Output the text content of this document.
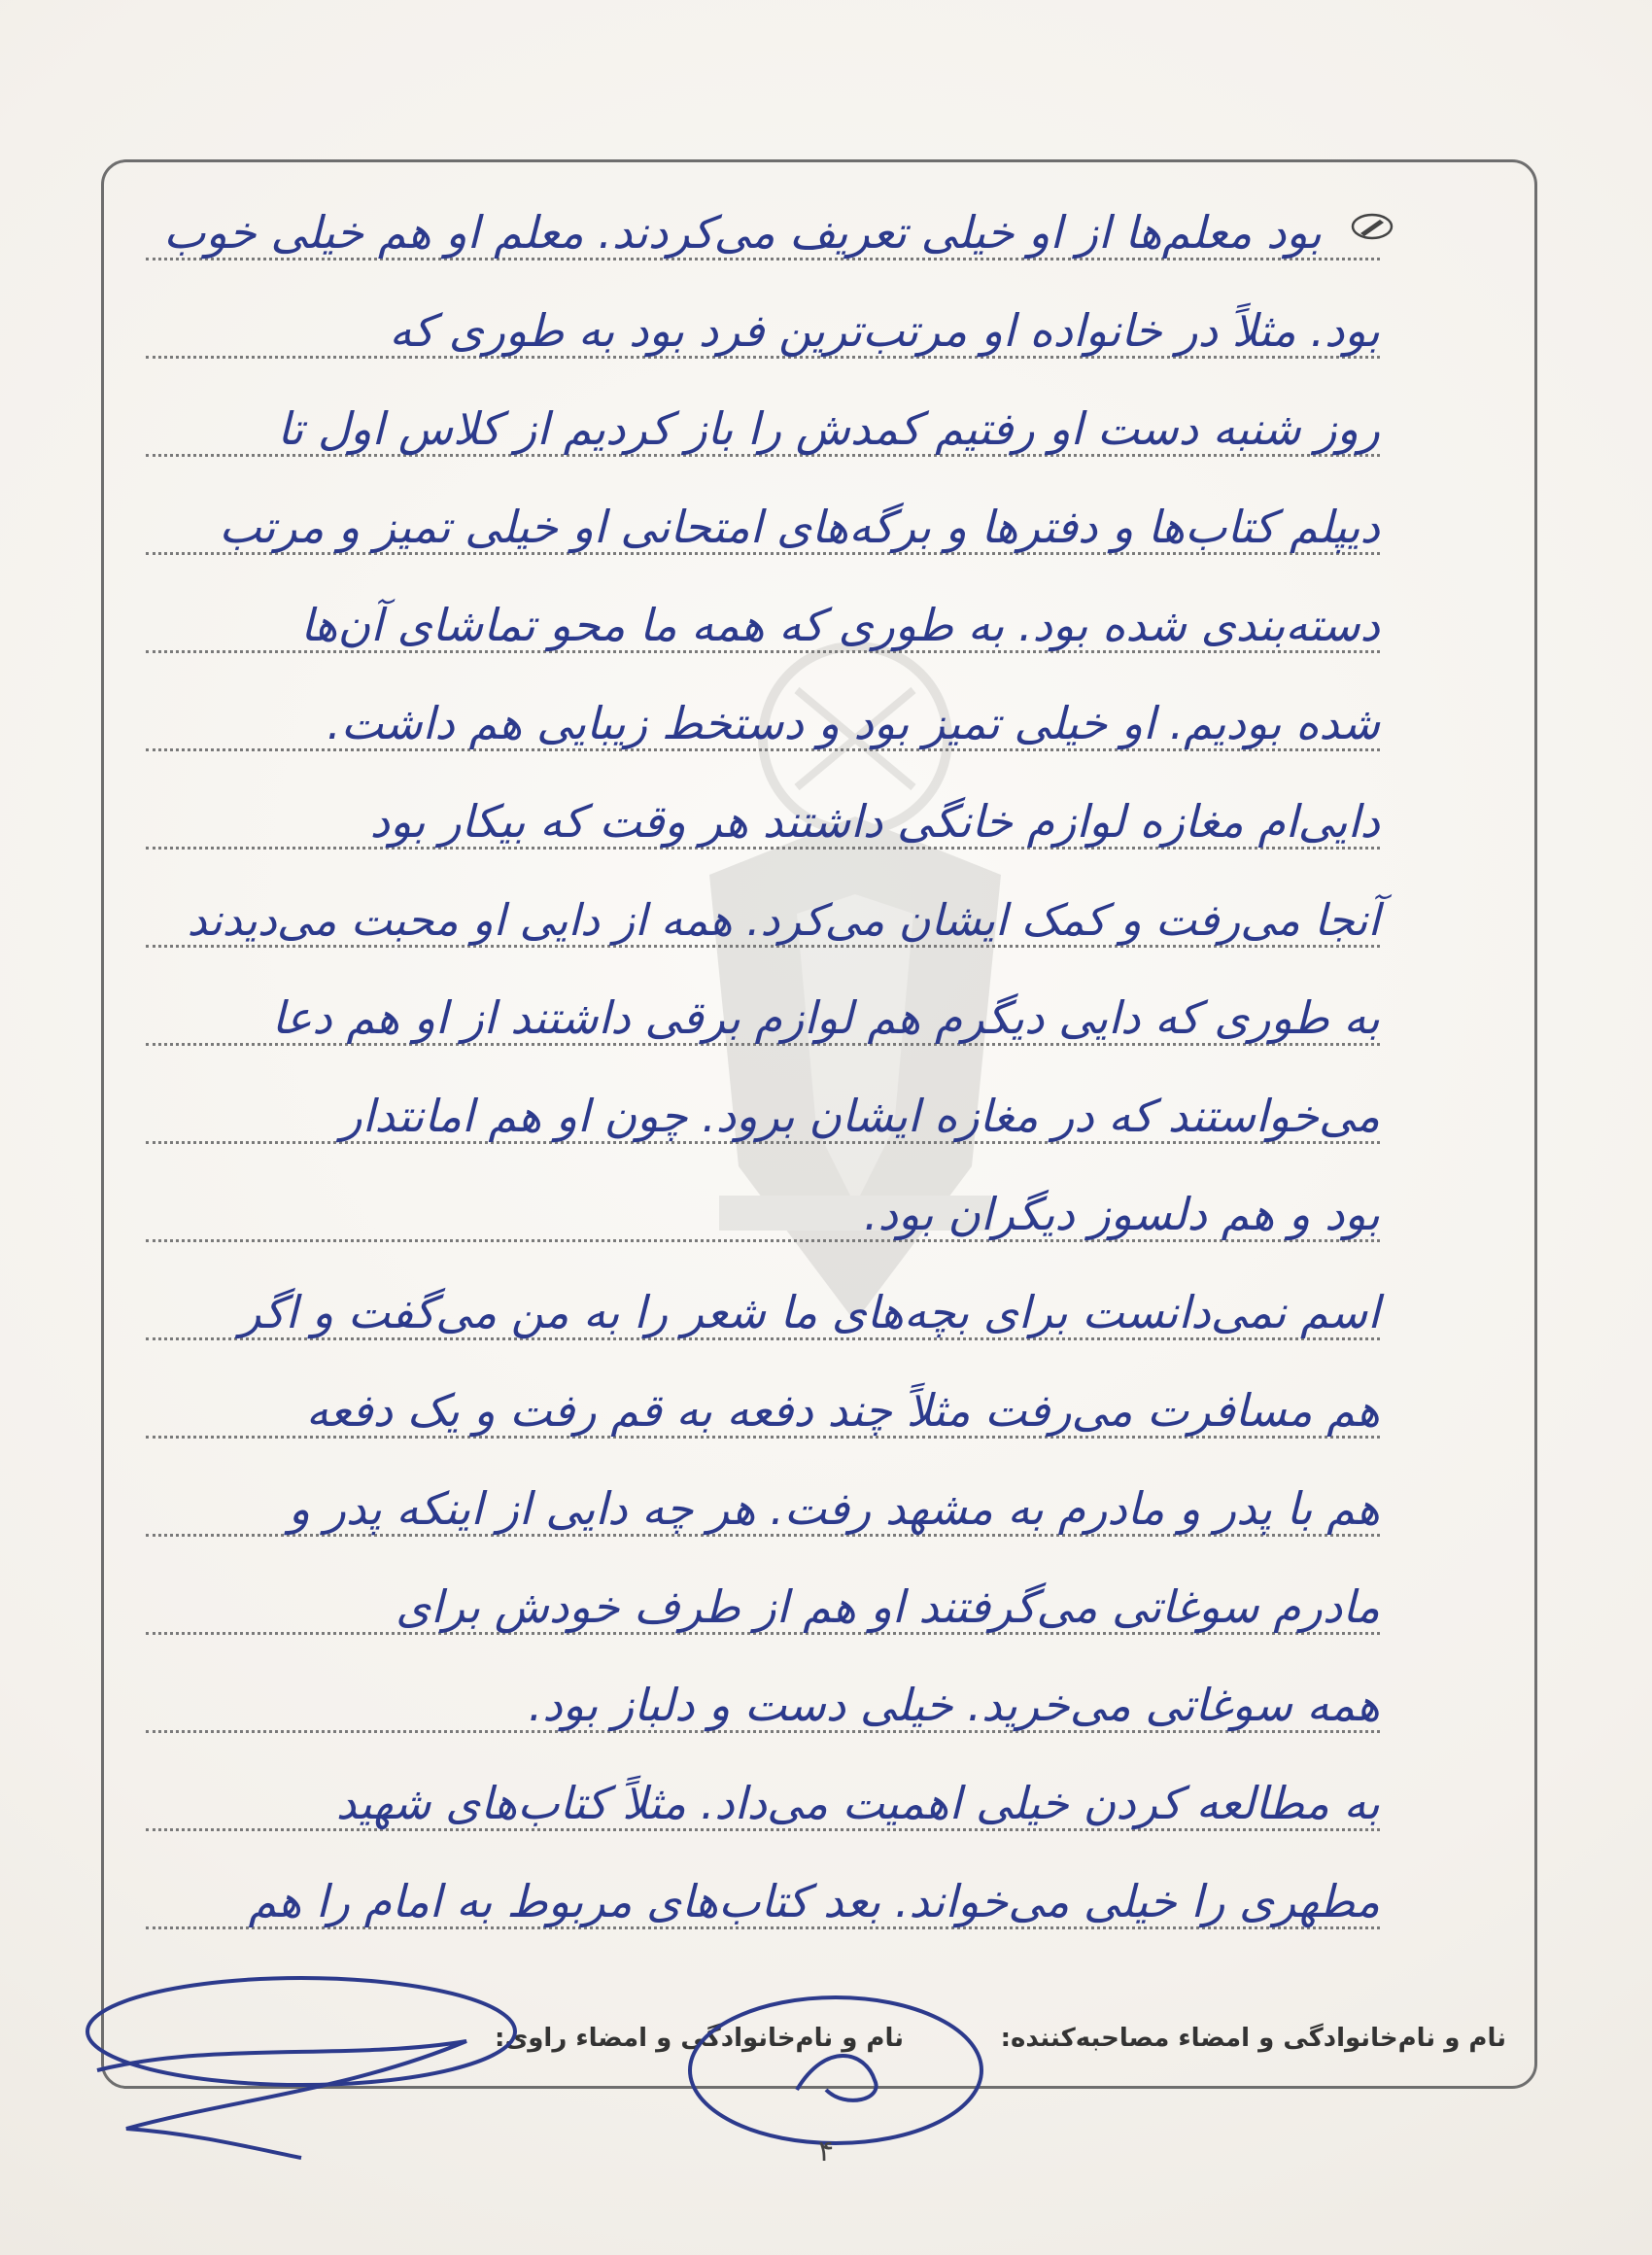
بود معلم‌ها از او خیلی تعریف می‌کردند. معلم او هم خیلی خوب
بود. مثلاً در خانواده او مرتب‌ترین فرد بود به طوری که
روز شنبه دست او رفتیم کمدش را باز کردیم از کلاس اول تا
دیپلم کتاب‌ها و دفترها و برگه‌های امتحانی او خیلی تمیز و مرتب
دسته‌بندی شده بود. به طوری که همه ما محو تماشای آن‌ها
شده بودیم. او خیلی تمیز بود و دستخط زیبایی هم داشت.
دایی‌ام مغازه لوازم خانگی داشتند هر وقت که بیکار بود
آنجا می‌رفت و کمک ایشان می‌کرد. همه از دایی او محبت می‌دیدند
به طوری که دایی دیگرم هم لوازم برقی داشتند از او هم دعا
می‌خواستند که در مغازه ایشان برود. چون او هم امانتدار
بود و هم دلسوز دیگران بود.
اسم نمی‌دانست برای بچه‌های ما شعر را به من می‌گفت و اگر
هم مسافرت می‌رفت مثلاً چند دفعه به قم رفت و یک دفعه
هم با پدر و مادرم به مشهد رفت. هر چه دایی از اینکه پدر و
مادرم سوغاتی می‌گرفتند او هم از طرف خودش برای
همه سوغاتی می‌خرید. خیلی دست و دلباز بود.
به مطالعه کردن خیلی اهمیت می‌داد. مثلاً کتاب‌های شهید
مطهری را خیلی می‌خواند. بعد کتاب‌های مربوط به امام را هم
نام و نام‌خانوادگی و امضاء مصاحبه‌کننده:
نام و نام‌خانوادگی و امضاء راوی:
۴
